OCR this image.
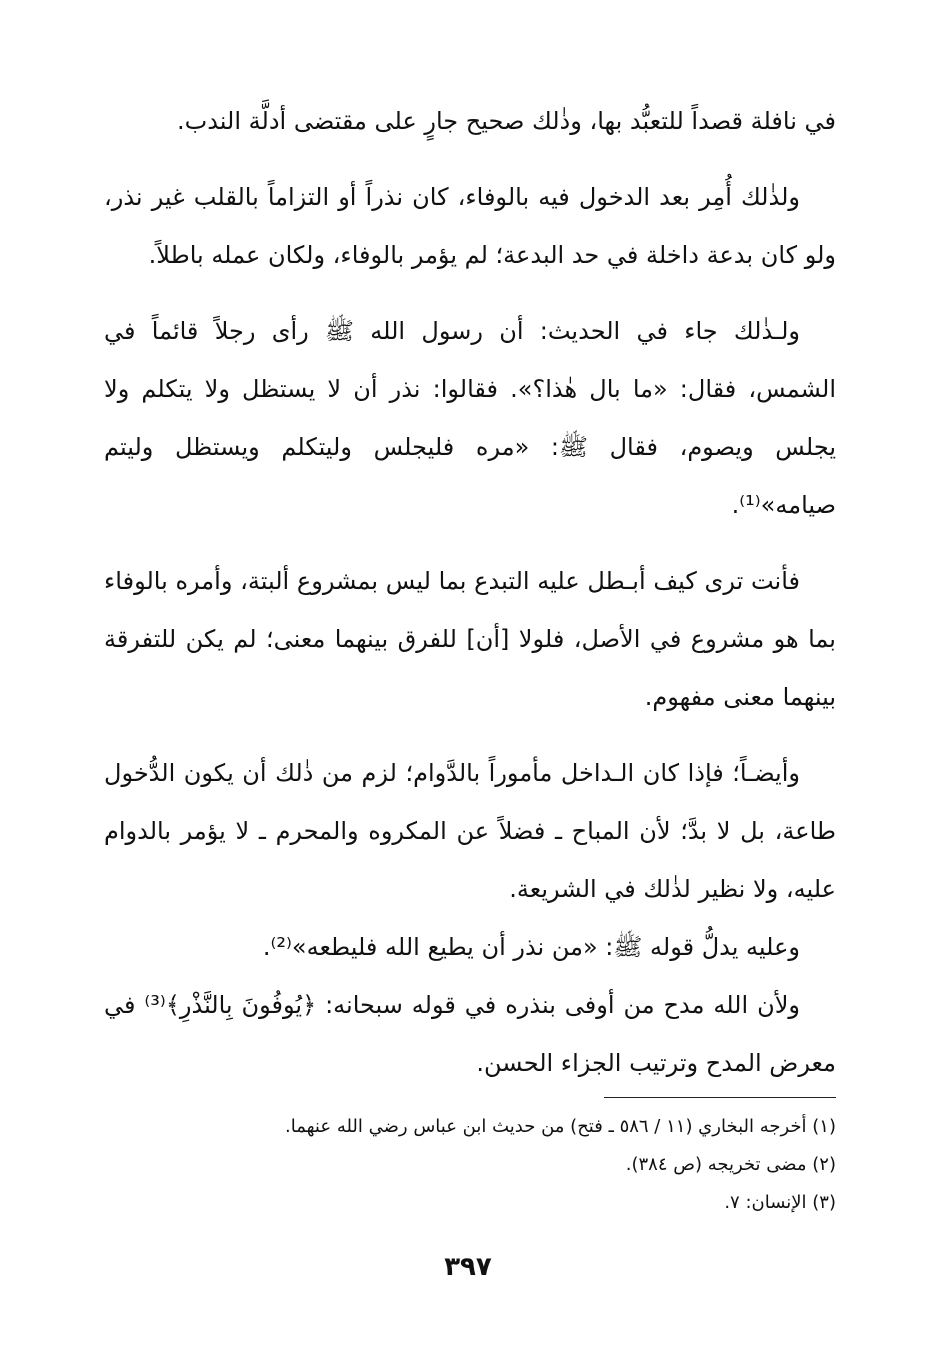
في نافلة قصداً للتعبُّد بها، وذٰلك صحيح جارٍ على مقتضى أدلَّة الندب.

ولذٰلك أُمِر بعد الدخول فيه بالوفاء، كان نذراً أو التزاماً بالقلب غير نذر، ولو كان بدعة داخلة في حد البدعة؛ لم يؤمر بالوفاء، ولكان عمله باطلاً.

ولـذٰلك جاء في الحديث: أن رسول الله ﷺ رأى رجلاً قائماً في الشمس، فقال: «ما بال هٰذا؟». فقالوا: نذر أن لا يستظل ولا يتكلم ولا يجلس ويصوم، فقال ﷺ: «مره فليجلس وليتكلم ويستظل وليتم صيامه»⁽¹⁾.

فأنت ترى كيف أبـطل عليه التبدع بما ليس بمشروع ألبتة، وأمره بالوفاء بما هو مشروع في الأصل، فلولا [أن] للفرق بينهما معنى؛ لم يكن للتفرقة بينهما معنى مفهوم.

وأيضـاً؛ فإذا كان الـداخل مأموراً بالدَّوام؛ لزم من ذٰلك أن يكون الدُّخول طاعة، بل لا بدَّ؛ لأن المباح ـ فضلاً عن المكروه والمحرم ـ لا يؤمر بالدوام عليه، ولا نظير لذٰلك في الشريعة.

وعليه يدلُّ قوله ﷺ: «من نذر أن يطيع الله فليطعه»⁽²⁾.

ولأن الله مدح من أوفى بنذره في قوله سبحانه: ﴿يُوفُونَ بِالنَّذْرِ﴾⁽³⁾ في معرض المدح وترتيب الجزاء الحسن.

(١) أخرجه البخاري (١١ / ٥٨٦ ـ فتح) من حديث ابن عباس رضي الله عنهما.

(٢) مضى تخريجه (ص ٣٨٤).

(٣) الإنسان: ٧.

٣٩٧
